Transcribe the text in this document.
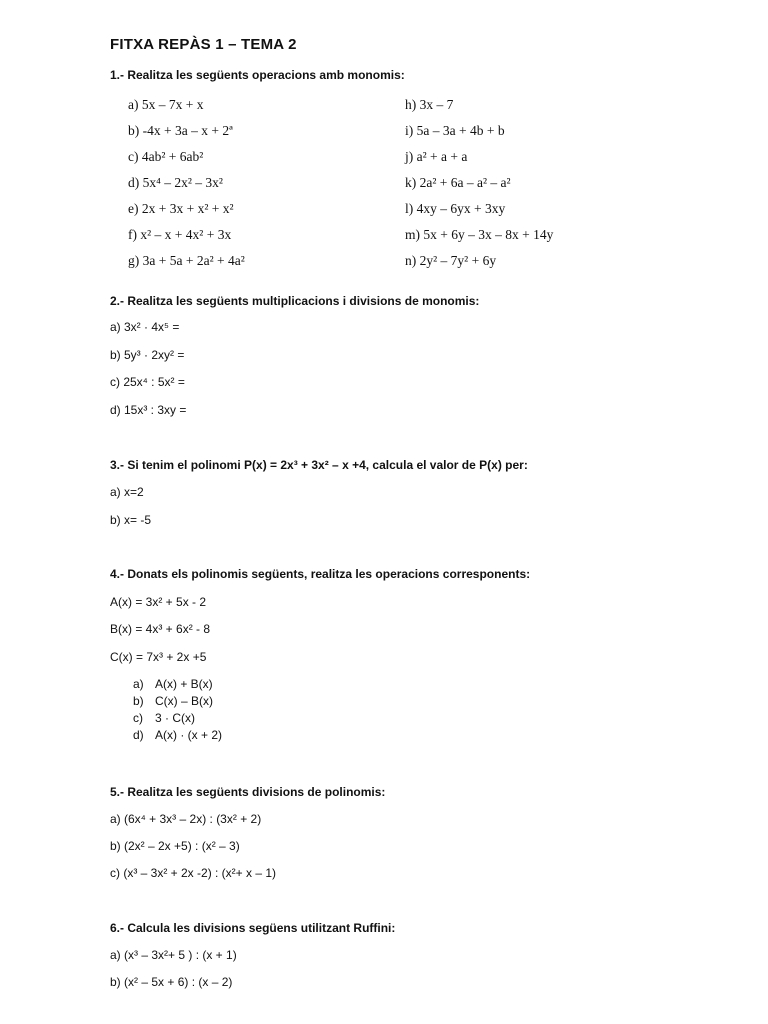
FITXA REPÀS 1 – TEMA 2
1.- Realitza les següents operacions amb monomis:
a) 5x – 7x + x
b) -4x + 3a – x + 2ª
c) 4ab² + 6ab²
d) 5x⁴ – 2x² – 3x²
e) 2x + 3x + x² + x²
f) x² – x + 4x² + 3x
g) 3a + 5a + 2a² + 4a²
h) 3x – 7
i) 5a – 3a + 4b + b
j) a² + a + a
k) 2a² + 6a – a² – a²
l) 4xy – 6yx + 3xy
m) 5x + 6y – 3x – 8x + 14y
n) 2y² – 7y² + 6y
2.- Realitza les següents multiplicacions i divisions de monomis:
a) 3x² · 4x⁵ =
b) 5y³ · 2xy² =
c) 25x⁴ : 5x² =
d) 15x³ : 3xy =
3.- Si tenim el polinomi P(x) = 2x³ + 3x² – x +4, calcula el valor de P(x) per:
a) x=2
b) x= -5
4.- Donats els polinomis següents, realitza les operacions corresponents:
A(x) = 3x² + 5x - 2
B(x) = 4x³ + 6x² - 8
C(x) = 7x³ + 2x +5
a) A(x) + B(x)
b) C(x) – B(x)
c) 3 · C(x)
d) A(x) · (x + 2)
5.- Realitza les següents divisions de polinomis:
a) (6x⁴ + 3x³ – 2x) : (3x² + 2)
b) (2x² – 2x +5) : (x² – 3)
c) (x³ – 3x² + 2x -2) : (x²+ x – 1)
6.- Calcula les divisions següens utilitzant Ruffini:
a) (x³ – 3x²+ 5 ) : (x + 1)
b) (x² – 5x + 6) : (x – 2)
